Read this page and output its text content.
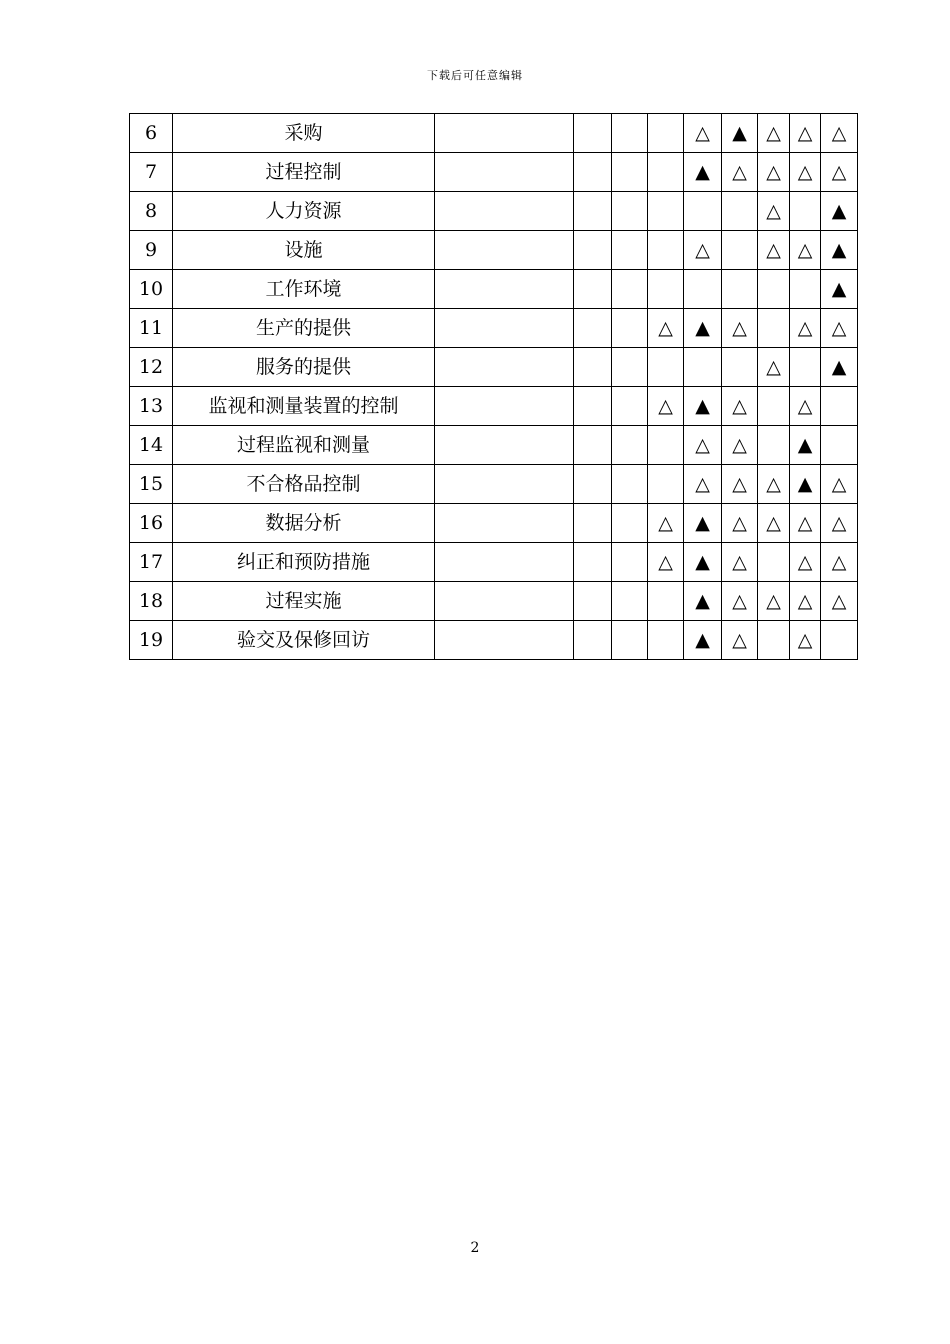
下载后可任意编辑
6	采购					△	▲	△	△	△
7	过程控制					▲	△	△	△	△
8	人力资源							△		▲
9	设施					△		△	△	▲
10	工作环境									▲
11	生产的提供				△	▲	△		△	△
12	服务的提供							△		▲
13	监视和测量装置的控制				△	▲	△		△	
14	过程监视和测量					△	△		▲	
15	不合格品控制					△	△	△	▲	△
16	数据分析				△	▲	△	△	△	△
17	纠正和预防措施				△	▲	△		△	△
18	过程实施					▲	△	△	△	△
19	验交及保修回访					▲	△		△	
2
